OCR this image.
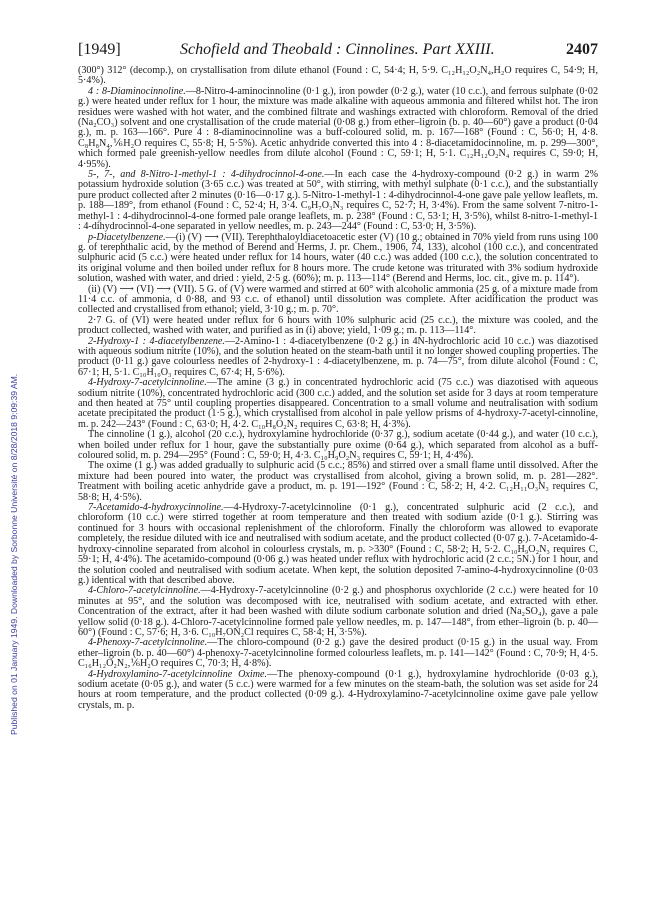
[1949]	Schofield and Theobald : Cinnolines. Part XXIII.	2407
Published on 01 January 1949. Downloaded by Sorbonne Université on 8/28/2018 9:09:39 AM.

(300°) 312° (decomp.), on crystallisation from dilute ethanol (Found : C, 54·4; H, 5·9. C₁₂H₁₂O₂N₄,H₂O requires C, 54·9; H, 5·4%).

4 : 8-Diaminocinnoline.—8-Nitro-4-aminocinnoline (0·1 g.), iron powder (0·2 g.), water (10 c.c.), and ferrous sulphate (0·02 g.) were heated under reflux for 1 hour, the mixture was made alkaline with aqueous ammonia and filtered whilst hot. The iron residues were washed with hot water, and the combined filtrate and washings extracted with chloroform. Removal of the dried (Na₂CO₃) solvent and one crystallisation of the crude material (0·08 g.) from ether–ligroin (b. p. 40—60°) gave a product (0·04 g.), m. p. 163—166°. Pure 4 : 8-diaminocinnoline was a buff-coloured solid, m. p. 167—168° (Found : C, 56·0; H, 4·8. C₈H₈N₄,⅙H₂O requires C, 55·8; H, 5·5%). Acetic anhydride converted this into 4 : 8-diacetamidocinnoline, m. p. 299—300°, which formed pale greenish-yellow needles from dilute alcohol (Found : C, 59·1; H, 5·1. C₁₂H₁₂O₂N₄ requires C, 59·0; H, 4·95%).

5-, 7-, and 8-Nitro-1-methyl-1 : 4-dihydrocinnol-4-one.—In each case the 4-hydroxy-compound (0·2 g.) in warm 2% potassium hydroxide solution (3·65 c.c.) was treated at 50°, with stirring, with methyl sulphate (0·1 c.c.), and the substantially pure product collected after 2 minutes (0·16—0·17 g.). 5-Nitro-1-methyl-1 : 4-dihydrocinnol-4-one gave pale yellow leaflets, m. p. 188—189°, from ethanol (Found : C, 52·4; H, 3·4. C₉H₇O₃N₃ requires C, 52·7; H, 3·4%). From the same solvent 7-nitro-1-methyl-1 : 4-dihydrocinnol-4-one formed pale orange leaflets, m. p. 238° (Found : C, 53·1; H, 3·5%), whilst 8-nitro-1-methyl-1 : 4-dihydrocinnol-4-one separated in yellow needles, m. p. 243—244° (Found : C, 53·0; H, 3·5%).

p-Diacetylbenzene.—(i) (V) ⟶ (VII). Terephthaloyldiacetoacetic ester (V) (10 g.; obtained in 70% yield from runs using 100 g. of terephthalic acid, by the method of Berend and Herms, J. pr. Chem., 1906, 74, 133), alcohol (100 c.c.), and concentrated sulphuric acid (5 c.c.) were heated under reflux for 14 hours, water (40 c.c.) was added (100 c.c.), the solution concentrated to its original volume and then boiled under reflux for 8 hours more. The crude ketone was triturated with 3% sodium hydroxide solution, washed with water, and dried : yield, 2·5 g. (60%); m. p. 113—114° (Berend and Herms, loc. cit., give m. p. 114°).

(ii) (V) ⟶ (VI) ⟶ (VII). 5 G. of (V) were warmed and stirred at 60° with alcoholic ammonia (25 g. of a mixture made from 11·4 c.c. of ammonia, d 0·88, and 93 c.c. of ethanol) until dissolution was complete. After acidification the product was collected and crystallised from ethanol; yield, 3·10 g.; m. p. 70°.

2·7 G. of (VI) were heated under reflux for 6 hours with 10% sulphuric acid (25 c.c.), the mixture was cooled, and the product collected, washed with water, and purified as in (i) above; yield, 1·09 g.; m. p. 113—114°.

2-Hydroxy-1 : 4-diacetylbenzene.—2-Amino-1 : 4-diacetylbenzene (0·2 g.) in 4N-hydrochloric acid 10 c.c.) was diazotised with aqueous sodium nitrite (10%), and the solution heated on the steam-bath until it no longer showed coupling properties. The product (0·11 g.) gave colourless needles of 2-hydroxy-1 : 4-diacetylbenzene, m. p. 74—75°, from dilute alcohol (Found : C, 67·1; H, 5·1. C₁₀H₁₀O₃ requires C, 67·4; H, 5·6%).

4-Hydroxy-7-acetylcinnoline.—The amine (3 g.) in concentrated hydrochloric acid (75 c.c.) was diazotised with aqueous sodium nitrite (10%), concentrated hydrochloric acid (300 c.c.) added, and the solution set aside for 3 days at room temperature and then heated at 75° until coupling properties disappeared. Concentration to a small volume and neutralisation with sodium acetate precipitated the product (1·5 g.), which crystallised from alcohol in pale yellow prisms of 4-hydroxy-7-acetyl-cinnoline, m. p. 242—243° (Found : C, 63·0; H, 4·2. C₁₀H₈O₂N₂ requires C, 63·8; H, 4·3%).

The cinnoline (1 g.), alcohol (20 c.c.), hydroxylamine hydrochloride (0·37 g.), sodium acetate (0·44 g.), and water (10 c.c.), when boiled under reflux for 1 hour, gave the substantially pure oxime (0·64 g.), which separated from alcohol as a buff-coloured solid, m. p. 294—295° (Found : C, 59·0; H, 4·3. C₁₀H₉O₂N₃ requires C, 59·1; H, 4·4%).

The oxime (1 g.) was added gradually to sulphuric acid (5 c.c.; 85%) and stirred over a small flame until dissolved. After the mixture had been poured into water, the product was crystallised from alcohol, giving a brown solid, m. p. 281—282°. Treatment with boiling acetic anhydride gave a product, m. p. 191—192° (Found : C, 58·2; H, 4·2. C₁₂H₁₁O₃N₃ requires C, 58·8; H, 4·5%).

7-Acetamido-4-hydroxycinnoline.—4-Hydroxy-7-acetylcinnoline (0·1 g.), concentrated sulphuric acid (2 c.c.), and chloroform (10 c.c.) were stirred together at room temperature and then treated with sodium azide (0·1 g.). Stirring was continued for 3 hours with occasional replenishment of the chloroform. Finally the chloroform was allowed to evaporate completely, the residue diluted with ice and neutralised with sodium acetate, and the product collected (0·07 g.). 7-Acetamido-4-hydroxy-cinnoline separated from alcohol in colourless crystals, m. p. >330° (Found : C, 58·2; H, 5·2. C₁₀H₉O₂N₃ requires C, 59·1; H, 4·4%). The acetamido-compound (0·06 g.) was heated under reflux with hydrochloric acid (2 c.c.; 5N.) for 1 hour, and the solution cooled and neutralised with sodium acetate. When kept, the solution deposited 7-amino-4-hydroxycinnoline (0·03 g.) identical with that described above.

4-Chloro-7-acetylcinnoline.—4-Hydroxy-7-acetylcinnoline (0·2 g.) and phosphorus oxychloride (2 c.c.) were heated for 10 minutes at 95°, and the solution was decomposed with ice, neutralised with sodium acetate, and extracted with ether. Concentration of the extract, after it had been washed with dilute sodium carbonate solution and dried (Na₂SO₄), gave a pale yellow solid (0·18 g.). 4-Chloro-7-acetylcinnoline formed pale yellow needles, m. p. 147—148°, from ether–ligroin (b. p. 40—60°) (Found : C, 57·6; H, 3·6. C₁₀H₇ON₂Cl requires C, 58·4; H, 3·5%).

4-Phenoxy-7-acetylcinnoline.—The chloro-compound (0·2 g.) gave the desired product (0·15 g.) in the usual way. From ether–ligroin (b. p. 40—60°) 4-phenoxy-7-acetylcinnoline formed colourless leaflets, m. p. 141—142° (Found : C, 70·9; H, 4·5. C₁₆H₁₂O₂N₂,⅙H₂O requires C, 70·3; H, 4·8%).

4-Hydroxylamino-7-acetylcinnoline Oxime.—The phenoxy-compound (0·1 g.), hydroxylamine hydrochloride (0·03 g.), sodium acetate (0·05 g.), and water (5 c.c.) were warmed for a few minutes on the steam-bath, the solution was set aside for 24 hours at room temperature, and the product collected (0·09 g.). 4-Hydroxylamino-7-acetylcinnoline oxime gave pale yellow crystals, m. p.
